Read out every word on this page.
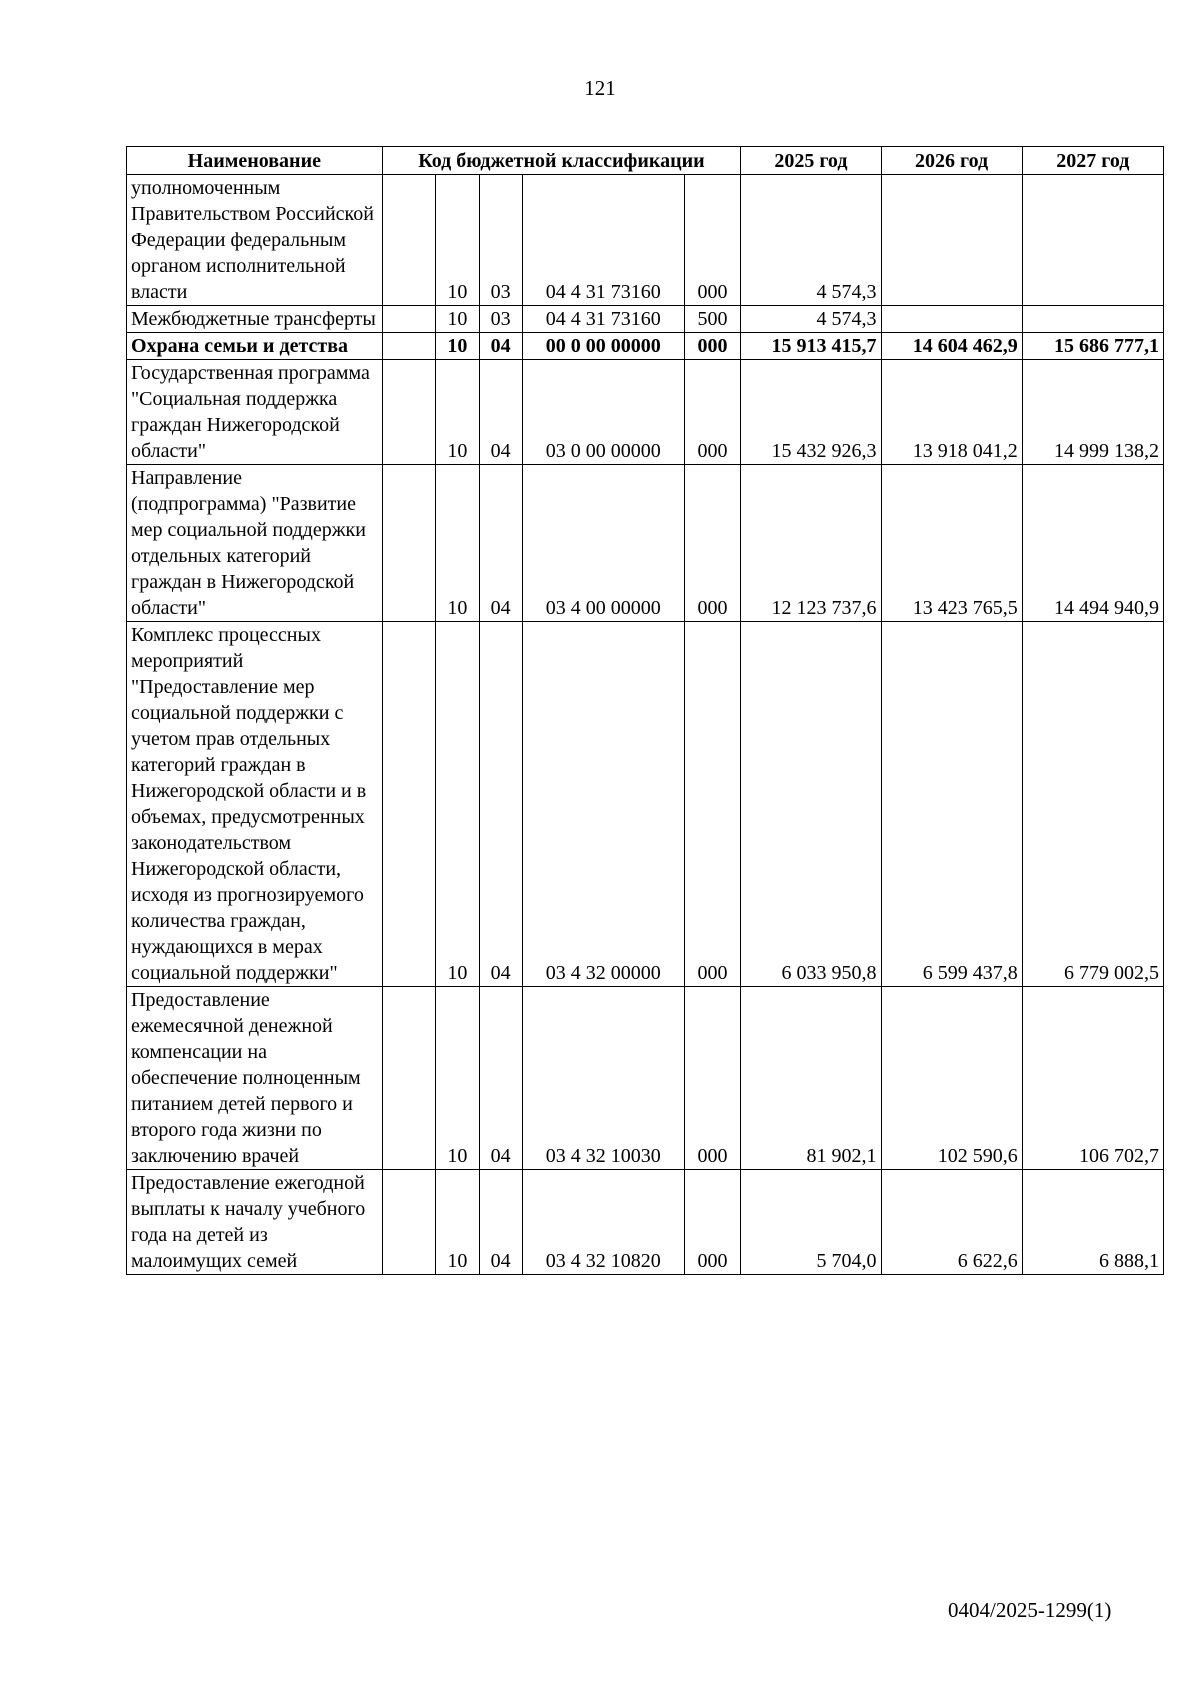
121
Наименование	Код бюджетной классификации					2025 год	2026 год	2027 год
уполномоченным Правительством Российской Федерации федеральным органом исполнительной власти		10	03	04 4 31 73160	000	4 574,3		
Межбюджетные трансферты		10	03	04 4 31 73160	500	4 574,3		
Охрана семьи и детства		10	04	00 0 00 00000	000	15 913 415,7	14 604 462,9	15 686 777,1
Государственная программа "Социальная поддержка граждан Нижегородской области"		10	04	03 0 00 00000	000	15 432 926,3	13 918 041,2	14 999 138,2
Направление (подпрограмма) "Развитие мер социальной поддержки отдельных категорий граждан в Нижегородской области"		10	04	03 4 00 00000	000	12 123 737,6	13 423 765,5	14 494 940,9
Комплекс процессных мероприятий "Предоставление мер социальной поддержки с учетом прав отдельных категорий граждан в Нижегородской области и в объемах, предусмотренных законодательством Нижегородской области, исходя из прогнозируемого количества граждан, нуждающихся в мерах социальной поддержки"		10	04	03 4 32 00000	000	6 033 950,8	6 599 437,8	6 779 002,5
Предоставление ежемесячной денежной компенсации на обеспечение полноценным питанием детей первого и второго года жизни по заключению врачей		10	04	03 4 32 10030	000	81 902,1	102 590,6	106 702,7
Предоставление ежегодной выплаты к началу учебного года на детей из малоимущих семей		10	04	03 4 32 10820	000	5 704,0	6 622,6	6 888,1
0404/2025-1299(1)
